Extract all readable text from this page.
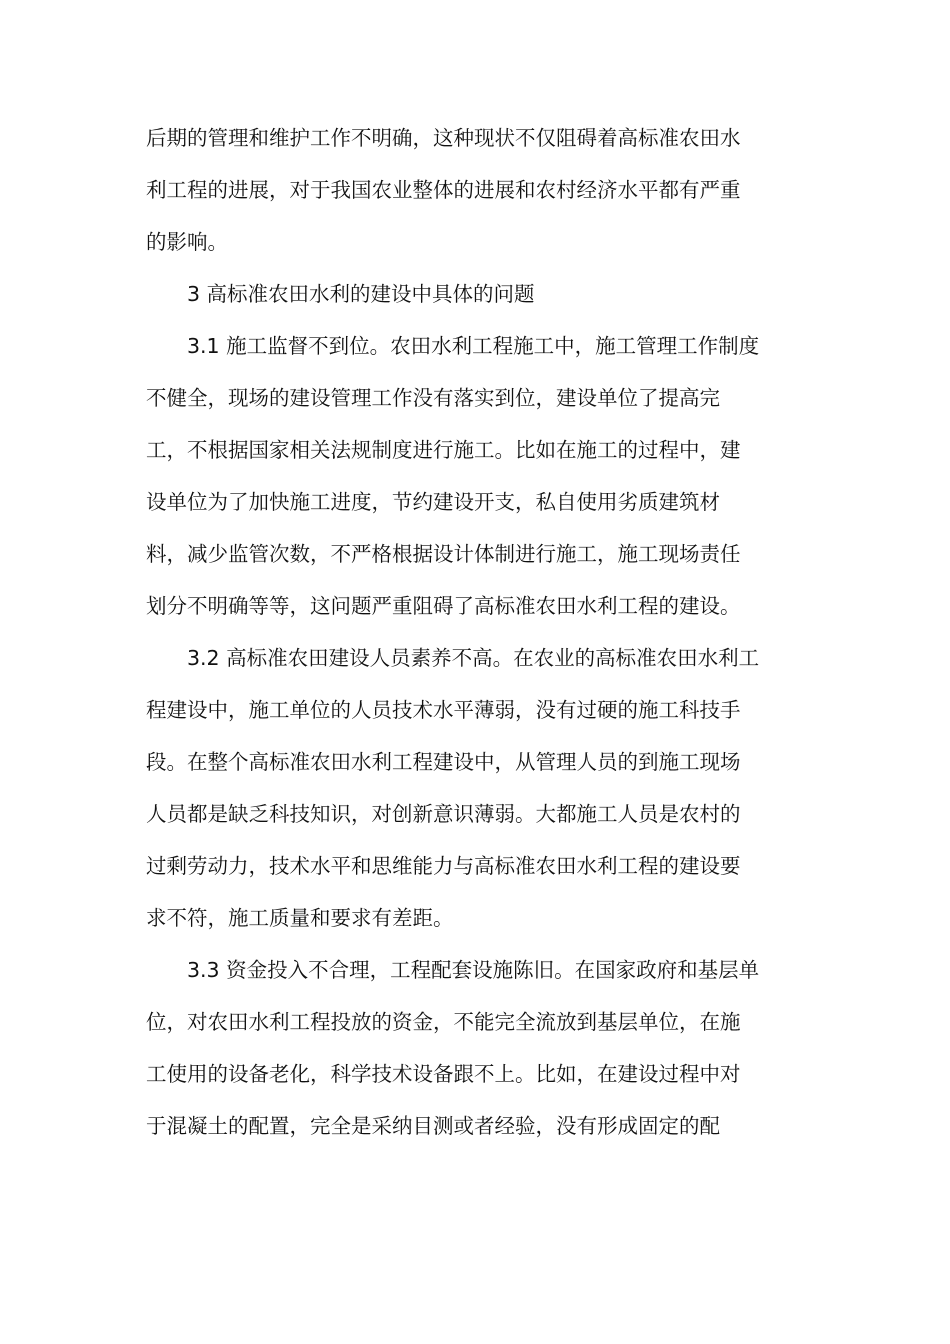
后期的管理和维护工作不明确，这种现状不仅阻碍着高标准农田水
利工程的进展，对于我国农业整体的进展和农村经济水平都有严重
的影响。
3 高标准农田水利的建设中具体的问题
3.1 施工监督不到位。农田水利工程施工中，施工管理工作制度
不健全，现场的建设管理工作没有落实到位，建设单位了提高完
工，不根据国家相关法规制度进行施工。比如在施工的过程中，建
设单位为了加快施工进度，节约建设开支，私自使用劣质建筑材
料，减少监管次数，不严格根据设计体制进行施工，施工现场责任
划分不明确等等，这问题严重阻碍了高标准农田水利工程的建设。
3.2 高标准农田建设人员素养不高。在农业的高标准农田水利工
程建设中，施工单位的人员技术水平薄弱，没有过硬的施工科技手
段。在整个高标准农田水利工程建设中，从管理人员的到施工现场
人员都是缺乏科技知识，对创新意识薄弱。大都施工人员是农村的
过剩劳动力，技术水平和思维能力与高标准农田水利工程的建设要
求不符，施工质量和要求有差距。
3.3 资金投入不合理，工程配套设施陈旧。在国家政府和基层单
位，对农田水利工程投放的资金，不能完全流放到基层单位，在施
工使用的设备老化，科学技术设备跟不上。比如，在建设过程中对
于混凝土的配置，完全是采纳目测或者经验，没有形成固定的配
